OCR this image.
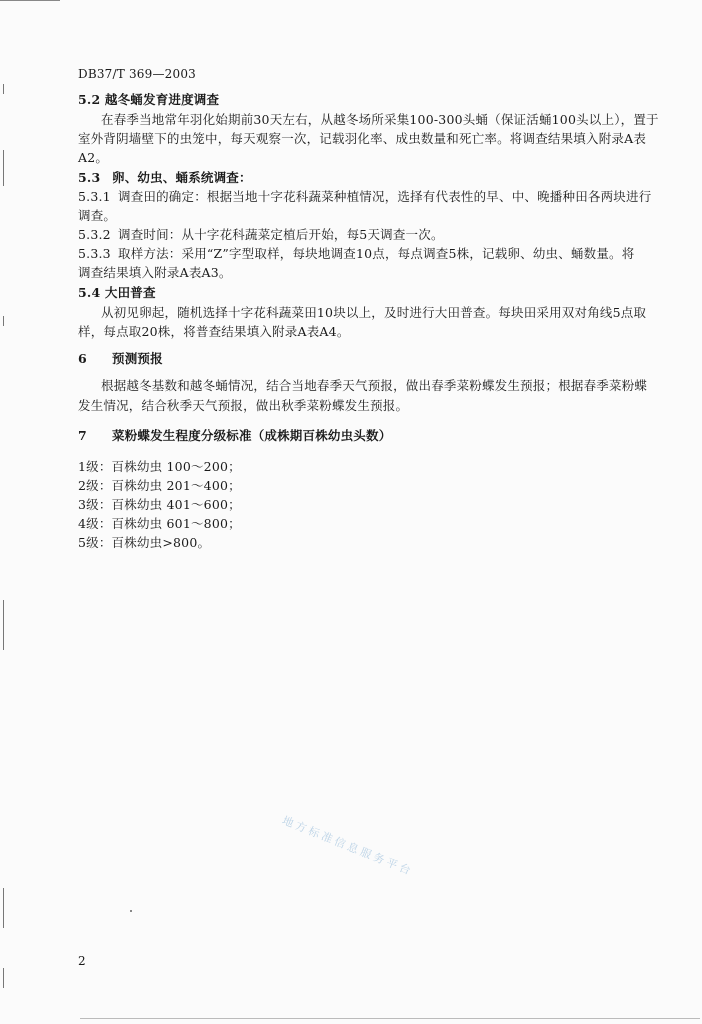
DB37/T 369—2003
5.2 越冬蛹发育进度调查
在春季当地常年羽化始期前30天左右，从越冬场所采集100-300头蛹（保证活蛹100头以上），置于
室外背阴墙壁下的虫笼中，每天观察一次，记载羽化率、成虫数量和死亡率。将调查结果填入附录A表
A2。
5.3 卵、幼虫、蛹系统调查：
5.3.1 调查田的确定：根据当地十字花科蔬菜种植情况，选择有代表性的早、中、晚播种田各两块进行
调查。
5.3.2 调查时间：从十字花科蔬菜定植后开始，每5天调查一次。
5.3.3 取样方法：采用“Z”字型取样，每块地调查10点，每点调查5株，记载卵、幼虫、蛹数量。将
调查结果填入附录A表A3。
5.4 大田普查
从初见卵起，随机选择十字花科蔬菜田10块以上，及时进行大田普查。每块田采用双对角线5点取
样，每点取20株，将普查结果填入附录A表A4。
6 预测预报
根据越冬基数和越冬蛹情况，结合当地春季天气预报，做出春季菜粉蝶发生预报；根据春季菜粉蝶
发生情况，结合秋季天气预报，做出秋季菜粉蝶发生预报。
7 菜粉蝶发生程度分级标准（成株期百株幼虫头数）
1级：百株幼虫 100～200；
2级：百株幼虫 201～400；
3级：百株幼虫 401～600；
4级：百株幼虫 601～800；
5级：百株幼虫>800。
地方标准信息服务平台
2
